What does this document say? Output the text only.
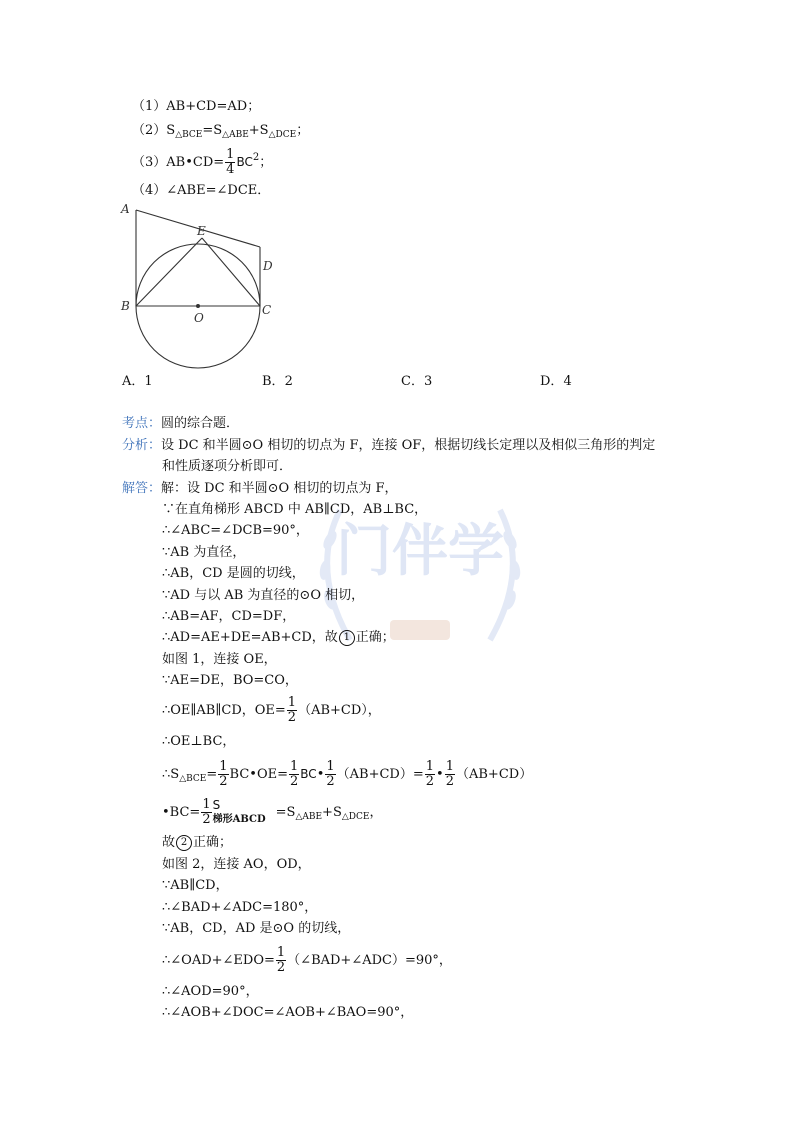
门伴学
（1）AB+CD=AD；
$(2)S_{\triangle BCE}=S_{\triangle ABE}+S_{\triangle DCE}$；
（3）AB•CD= $\frac{1}{4} BC^2$；
（4）∠ABE=∠DCE．
A
E
D
B
O
C
A．1	B．2	C．3	D．4
考点：圆的综合题．
分析：设 DC 和半圆⊙O 相切的切点为 F，连接 OF，根据切线长定理以及相似三角形的判定
和性质逐项分析即可．
解答：解：设 DC 和半圆⊙O 相切的切点为 F，
∵在直角梯形 ABCD 中 AB∥CD，AB⊥BC，
∴∠ABC=∠DCB=90°，
∵AB 为直径，
∴AB，CD 是圆的切线，
∵AD 与以 AB 为直径的⊙O 相切，
∴AB=AF，CD=DF，
∴AD=AE+DE=AB+CD，故 1 正确；
如图 1，连接 OE，
∵AE=DE，BO=CO，
∴OE∥AB∥CD，$OE= \frac{1}{2} (AB+CD)$，
∴OE⊥BC，
$\therefore S_{\triangle BCE}= \frac{1}{2}$ BC•OE= $\frac{1}{2}$ BC• $\frac{1}{2} (AB+CD)= \frac{1}{2}$ • $\frac{1}{2} (AB+CD)$
•BC= $\frac{1}{2}$ S
梯形ABCD $=S_{\triangle ABE}+S_{\triangle DCE}$，
故 2 正确；
如图 2，连接 AO，OD，
∵AB∥CD，
∴∠BAD+∠ADC=180°，
∵AB，CD，AD 是⊙O 的切线，
∴∠OAD+∠EDO= $\frac{1}{2}$ （∠BAD+∠ADC）=90°，
∴∠AOD=90°，
∴∠AOB+∠DOC=∠AOB+∠BAO=90°，
